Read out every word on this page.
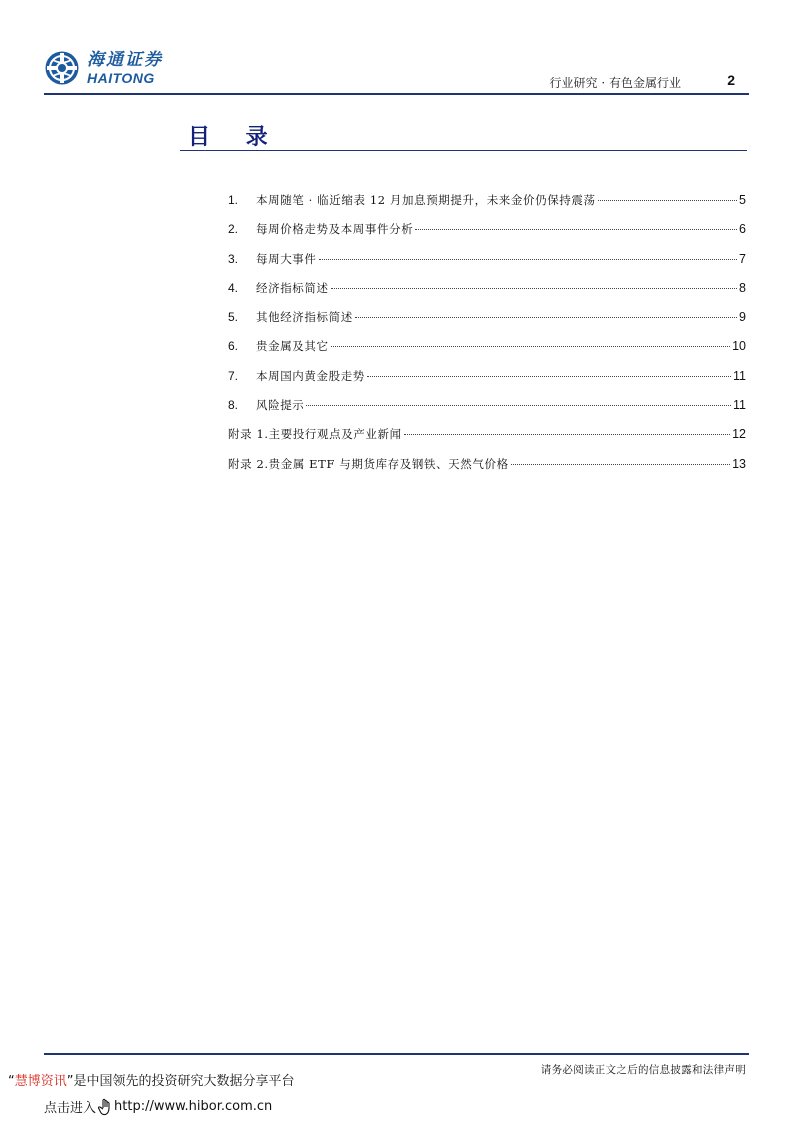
海通证券
HAITONG	行业研究 · 有色金属行业	2
目 录
1.	本周随笔 · 临近缩表 12 月加息预期提升，未来金价仍保持震荡	5
2.	每周价格走势及本周事件分析	6
3.	每周大事件	7
4.	经济指标简述	8
5.	其他经济指标简述	9
6.	贵金属及其它	10
7.	本周国内黄金股走势	11
8.	风险提示	11
附录 1.主要投行观点及产业新闻	12
附录 2.贵金属 ETF 与期货库存及钢铁、天然气价格	13
请务必阅读正文之后的信息披露和法律声明
“慧博资讯”是中国领先的投资研究大数据分享平台
点击进入 http://www.hibor.com.cn
